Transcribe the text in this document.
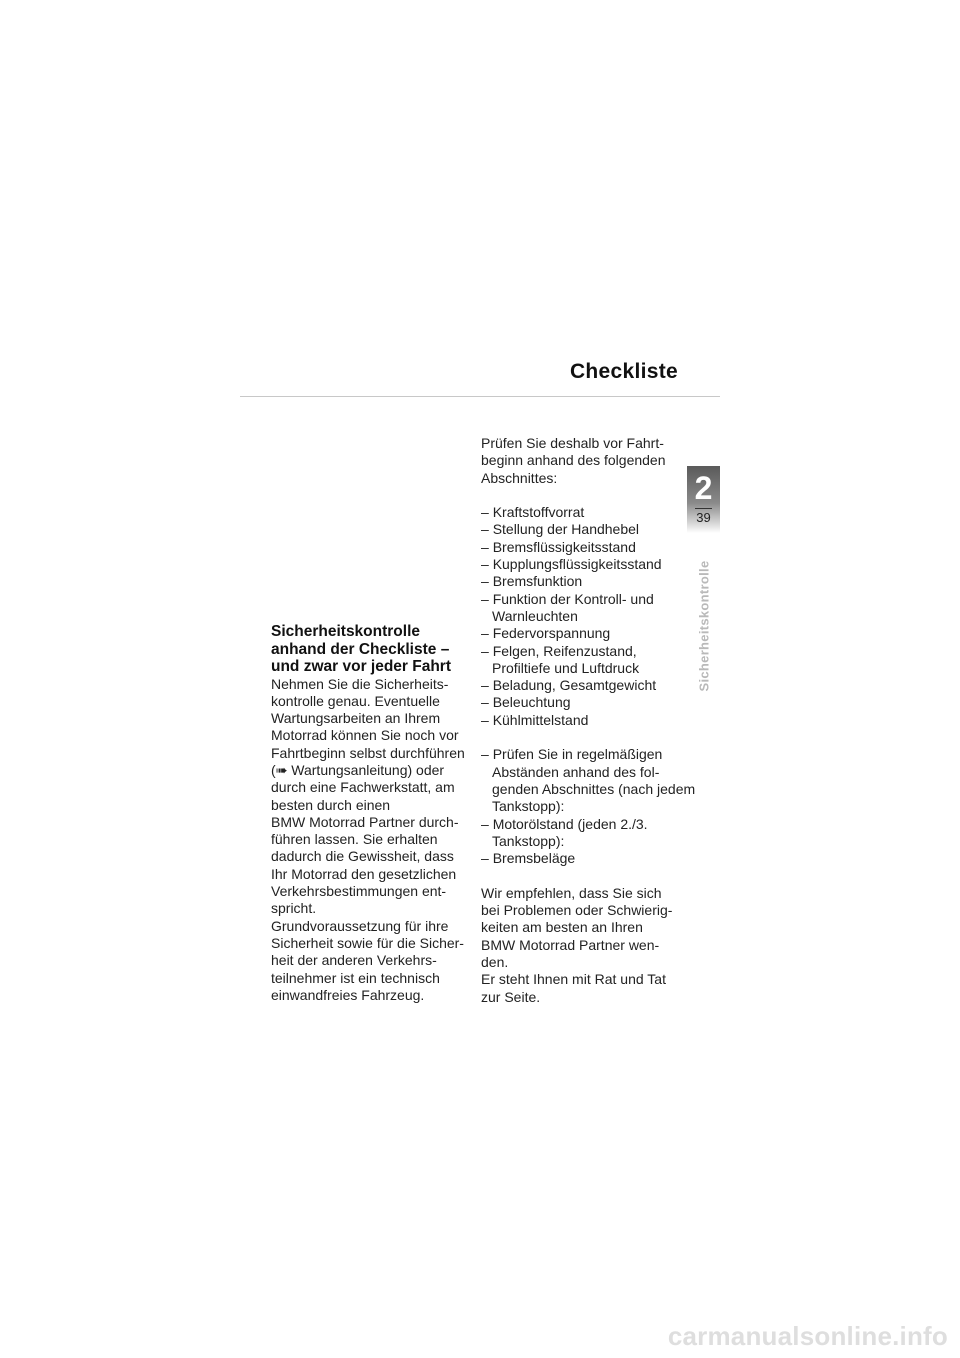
Checkliste
2
39
Sicherheitskontrolle

Sicherheitskontrolle
anhand der Checkliste –
und zwar vor jeder Fahrt

Nehmen Sie die Sicherheits-
kontrolle genau. Eventuelle
Wartungsarbeiten an Ihrem
Motorrad können Sie noch vor
Fahrtbeginn selbst durchführen
(➠ Wartungsanleitung) oder
durch eine Fachwerkstatt, am
besten durch einen
BMW Motorrad Partner durch-
führen lassen. Sie erhalten
dadurch die Gewissheit, dass
Ihr Motorrad den gesetzlichen
Verkehrsbestimmungen ent-
spricht.
Grundvoraussetzung für ihre
Sicherheit sowie für die Sicher-
heit der anderen Verkehrs-
teilnehmer ist ein technisch
einwandfreies Fahrzeug.

Prüfen Sie deshalb vor Fahrt-
beginn anhand des folgenden
Abschnittes:

– Kraftstoffvorrat
– Stellung der Handhebel
– Bremsflüssigkeitsstand
– Kupplungsflüssigkeitsstand
– Bremsfunktion
– Funktion der Kontroll- und Warnleuchten
– Federvorspannung
– Felgen, Reifenzustand, Profiltiefe und Luftdruck
– Beladung, Gesamtgewicht
– Beleuchtung
– Kühlmittelstand
– Prüfen Sie in regelmäßigen Abständen anhand des fol- genden Abschnittes (nach jedem Tankstopp):
– Motorölstand (jeden 2./3. Tankstopp):
– Bremsbeläge

Wir empfehlen, dass Sie sich
bei Problemen oder Schwierig-
keiten am besten an Ihren
BMW Motorrad Partner wen-
den.
Er steht Ihnen mit Rat und Tat
zur Seite.

carmanualsonline.info
